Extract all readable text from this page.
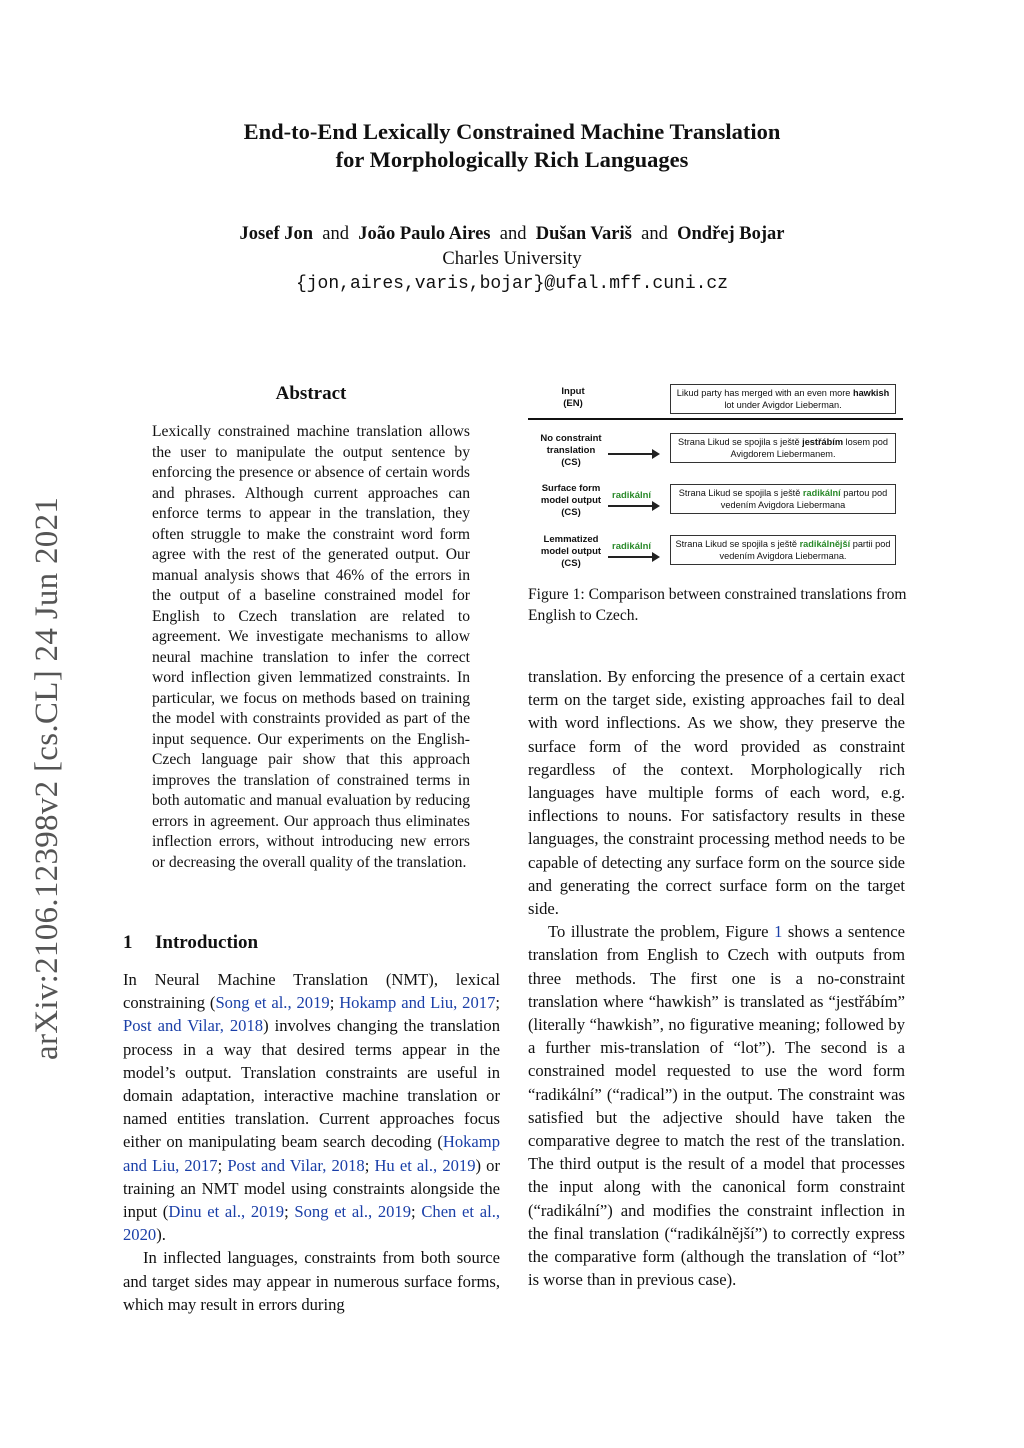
arXiv:2106.12398v2 [cs.CL] 24 Jun 2021
End-to-End Lexically Constrained Machine Translation
for Morphologically Rich Languages
Josef Jon and João Paulo Aires and Dušan Variš and Ondřej Bojar
Charles University
{jon,aires,varis,bojar}@ufal.mff.cuni.cz
Abstract

Lexically constrained machine translation allows the user to manipulate the output sentence by enforcing the presence or absence of certain words and phrases. Although current approaches can enforce terms to appear in the translation, they often struggle to make the constraint word form agree with the rest of the generated output. Our manual analysis shows that 46% of the errors in the output of a baseline constrained model for English to Czech translation are related to agreement. We investigate mechanisms to allow neural machine translation to infer the correct word inflection given lemmatized constraints. In particular, we focus on methods based on training the model with constraints provided as part of the input sequence. Our experiments on the English-Czech language pair show that this approach improves the translation of constrained terms in both automatic and manual evaluation by reducing errors in agreement. Our approach thus eliminates inflection errors, without introducing new errors or decreasing the overall quality of the translation.

1 Introduction

In Neural Machine Translation (NMT), lexical constraining (Song et al., 2019; Hokamp and Liu, 2017; Post and Vilar, 2018) involves changing the translation process in a way that desired terms appear in the model’s output. Translation constraints are useful in domain adaptation, interactive machine translation or named entities translation. Current approaches focus either on manipulating beam search decoding (Hokamp and Liu, 2017; Post and Vilar, 2018; Hu et al., 2019) or training an NMT model using constraints alongside the input (Dinu et al., 2019; Song et al., 2019; Chen et al., 2020).

In inflected languages, constraints from both source and target sides may appear in numerous surface forms, which may result in errors during

Input
(EN)
Likud party has merged with an even more hawkish lot under Avigdor Lieberman.
No constraint
translation
(CS)
Strana Likud se spojila s ještě jestřábím losem pod Avigdorem Liebermanem.
Surface form
model output
(CS)
radikální	Strana Likud se spojila s ještě radikální partou pod vedením Avigdora Liebermana
Lemmatized
model output
(CS)
radikální	Strana Likud se spojila s ještě radikálnější partii pod vedením Avigdora Liebermana.
Figure 1: Comparison between constrained translations from English to Czech.

translation. By enforcing the presence of a certain exact term on the target side, existing approaches fail to deal with word inflections. As we show, they preserve the surface form of the word provided as constraint regardless of the context. Morphologically rich languages have multiple forms of each word, e.g. inflections to nouns. For satisfactory results in these languages, the constraint processing method needs to be capable of detecting any surface form on the source side and generating the correct surface form on the target side.

To illustrate the problem, Figure 1 shows a sentence translation from English to Czech with outputs from three methods. The first one is a no-constraint translation where “hawkish” is translated as “jestřábím” (literally “hawkish”, no figurative meaning; followed by a further mis-translation of “lot”). The second is a constrained model requested to use the word form “radikální” (“radical”) in the output. The constraint was satisfied but the adjective should have taken the comparative degree to match the rest of the translation. The third output is the result of a model that processes the input along with the canonical form constraint (“radikální”) and modifies the constraint inflection in the final translation (“radikálnější”) to correctly express the comparative form (although the translation of “lot” is worse than in previous case).
